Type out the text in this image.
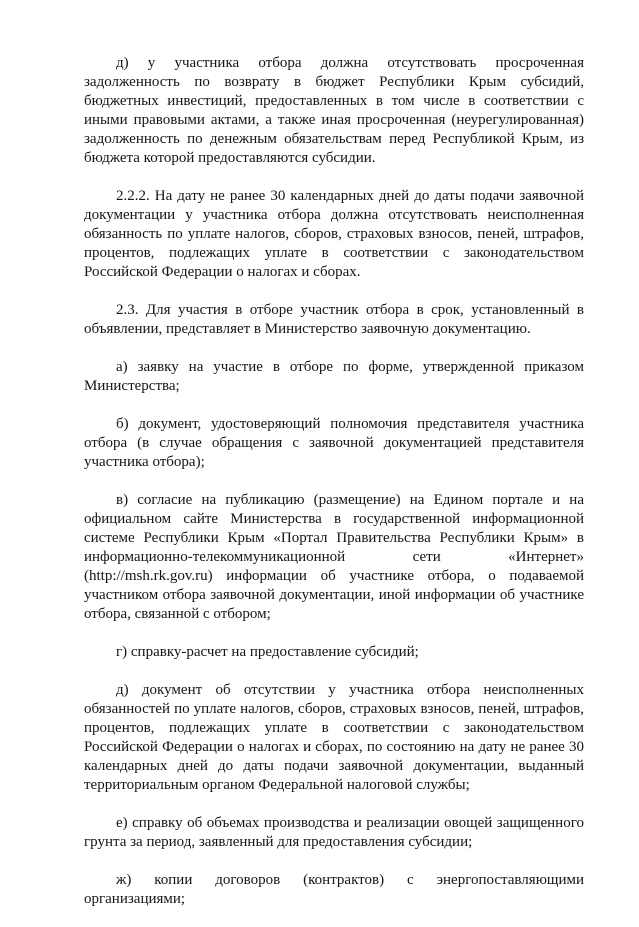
д) у участника отбора должна отсутствовать просроченная задолженность по возврату в бюджет Республики Крым субсидий, бюджетных инвестиций, предоставленных в том числе в соответствии с иными правовыми актами, а также иная просроченная (неурегулированная) задолженность по денежным обязательствам перед Республикой Крым, из бюджета которой предоставляются субсидии.

2.2.2. На дату не ранее 30 календарных дней до даты подачи заявочной документации у участника отбора должна отсутствовать неисполненная обязанность по уплате налогов, сборов, страховых взносов, пеней, штрафов, процентов, подлежащих уплате в соответствии с законодательством Российской Федерации о налогах и сборах.

2.3. Для участия в отборе участник отбора в срок, установленный в объявлении, представляет в Министерство заявочную документацию.

а) заявку на участие в отборе по форме, утвержденной приказом Министерства;

б) документ, удостоверяющий полномочия представителя участника отбора (в случае обращения с заявочной документацией представителя участника отбора);

в) согласие на публикацию (размещение) на Едином портале и на официальном сайте Министерства в государственной информационной системе Республики Крым «Портал Правительства Республики Крым» в информационно-телекоммуникационной сети «Интернет» (http://msh.rk.gov.ru) информации об участнике отбора, о подаваемой участником отбора заявочной документации, иной информации об участнике отбора, связанной с отбором;

г) справку-расчет на предоставление субсидий;

д) документ об отсутствии у участника отбора неисполненных обязанностей по уплате налогов, сборов, страховых взносов, пеней, штрафов, процентов, подлежащих уплате в соответствии с законодательством Российской Федерации о налогах и сборах, по состоянию на дату не ранее 30 календарных дней до даты подачи заявочной документации, выданный территориальным органом Федеральной налоговой службы;

е) справку об объемах производства и реализации овощей защищенного грунта за период, заявленный для предоставления субсидии;

ж) копии договоров (контрактов) с энергопоставляющими организациями;
